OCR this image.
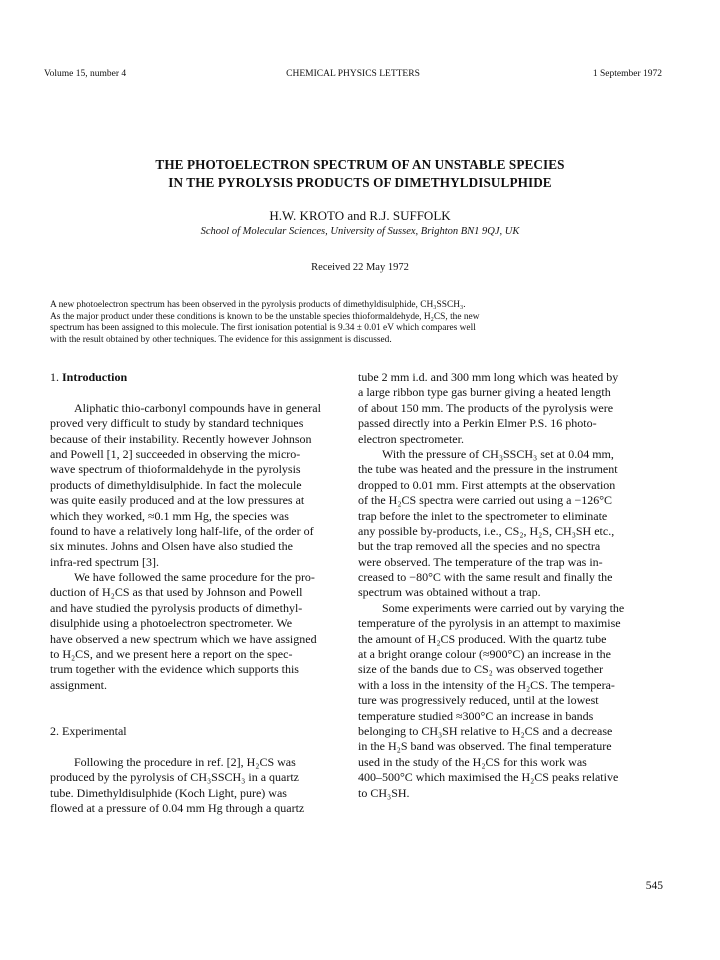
Volume 15, number 4	CHEMICAL PHYSICS LETTERS	1 September 1972
THE PHOTOELECTRON SPECTRUM OF AN UNSTABLE SPECIES
IN THE PYROLYSIS PRODUCTS OF DIMETHYLDISULPHIDE
H.W. KROTO and R.J. SUFFOLK
School of Molecular Sciences, University of Sussex, Brighton BN1 9QJ, UK
Received 22 May 1972
A new photoelectron spectrum has been observed in the pyrolysis products of dimethyldisulphide, CH₃SSCH₃.
As the major product under these conditions is known to be the unstable species thioformaldehyde, H₂CS, the new
spectrum has been assigned to this molecule. The first ionisation potential is 9.34 ± 0.01 eV which compares well
with the result obtained by other techniques. The evidence for this assignment is discussed.
1. Introduction
  Aliphatic thio-carbonyl compounds have in general
proved very difficult to study by standard techniques
because of their instability. Recently however Johnson
and Powell [1, 2] succeeded in observing the micro-
wave spectrum of thioformaldehyde in the pyrolysis
products of dimethyldisulphide. In fact the molecule
was quite easily produced and at the low pressures at
which they worked, ≈0.1 mm Hg, the species was
found to have a relatively long half-life, of the order of
six minutes. Johns and Olsen have also studied the
infra-red spectrum [3].
  We have followed the same procedure for the pro-
duction of H₂CS as that used by Johnson and Powell
and have studied the pyrolysis products of dimethyl-
disulphide using a photoelectron spectrometer. We
have observed a new spectrum which we have assigned
to H₂CS, and we present here a report on the spec-
trum together with the evidence which supports this
assignment.
2. Experimental
  Following the procedure in ref. [2], H₂CS was
produced by the pyrolysis of CH₃SSCH₃ in a quartz
tube. Dimethyldisulphide (Koch Light, pure) was
flowed at a pressure of 0.04 mm Hg through a quartz
tube 2 mm i.d. and 300 mm long which was heated by
a large ribbon type gas burner giving a heated length
of about 150 mm. The products of the pyrolysis were
passed directly into a Perkin Elmer P.S. 16 photo-
electron spectrometer.
  With the pressure of CH₃SSCH₃ set at 0.04 mm,
the tube was heated and the pressure in the instrument
dropped to 0.01 mm. First attempts at the observation
of the H₂CS spectra were carried out using a −126°C
trap before the inlet to the spectrometer to eliminate
any possible by-products, i.e., CS₂, H₂S, CH₃SH etc.,
but the trap removed all the species and no spectra
were observed. The temperature of the trap was in-
creased to −80°C with the same result and finally the
spectrum was obtained without a trap.
  Some experiments were carried out by varying the
temperature of the pyrolysis in an attempt to maximise
the amount of H₂CS produced. With the quartz tube
at a bright orange colour (≈900°C) an increase in the
size of the bands due to CS₂ was observed together
with a loss in the intensity of the H₂CS. The tempera-
ture was progressively reduced, until at the lowest
temperature studied ≈300°C an increase in bands
belonging to CH₃SH relative to H₂CS and a decrease
in the H₂S band was observed. The final temperature
used in the study of the H₂CS for this work was
400–500°C which maximised the H₂CS peaks relative
to CH₃SH.
545
